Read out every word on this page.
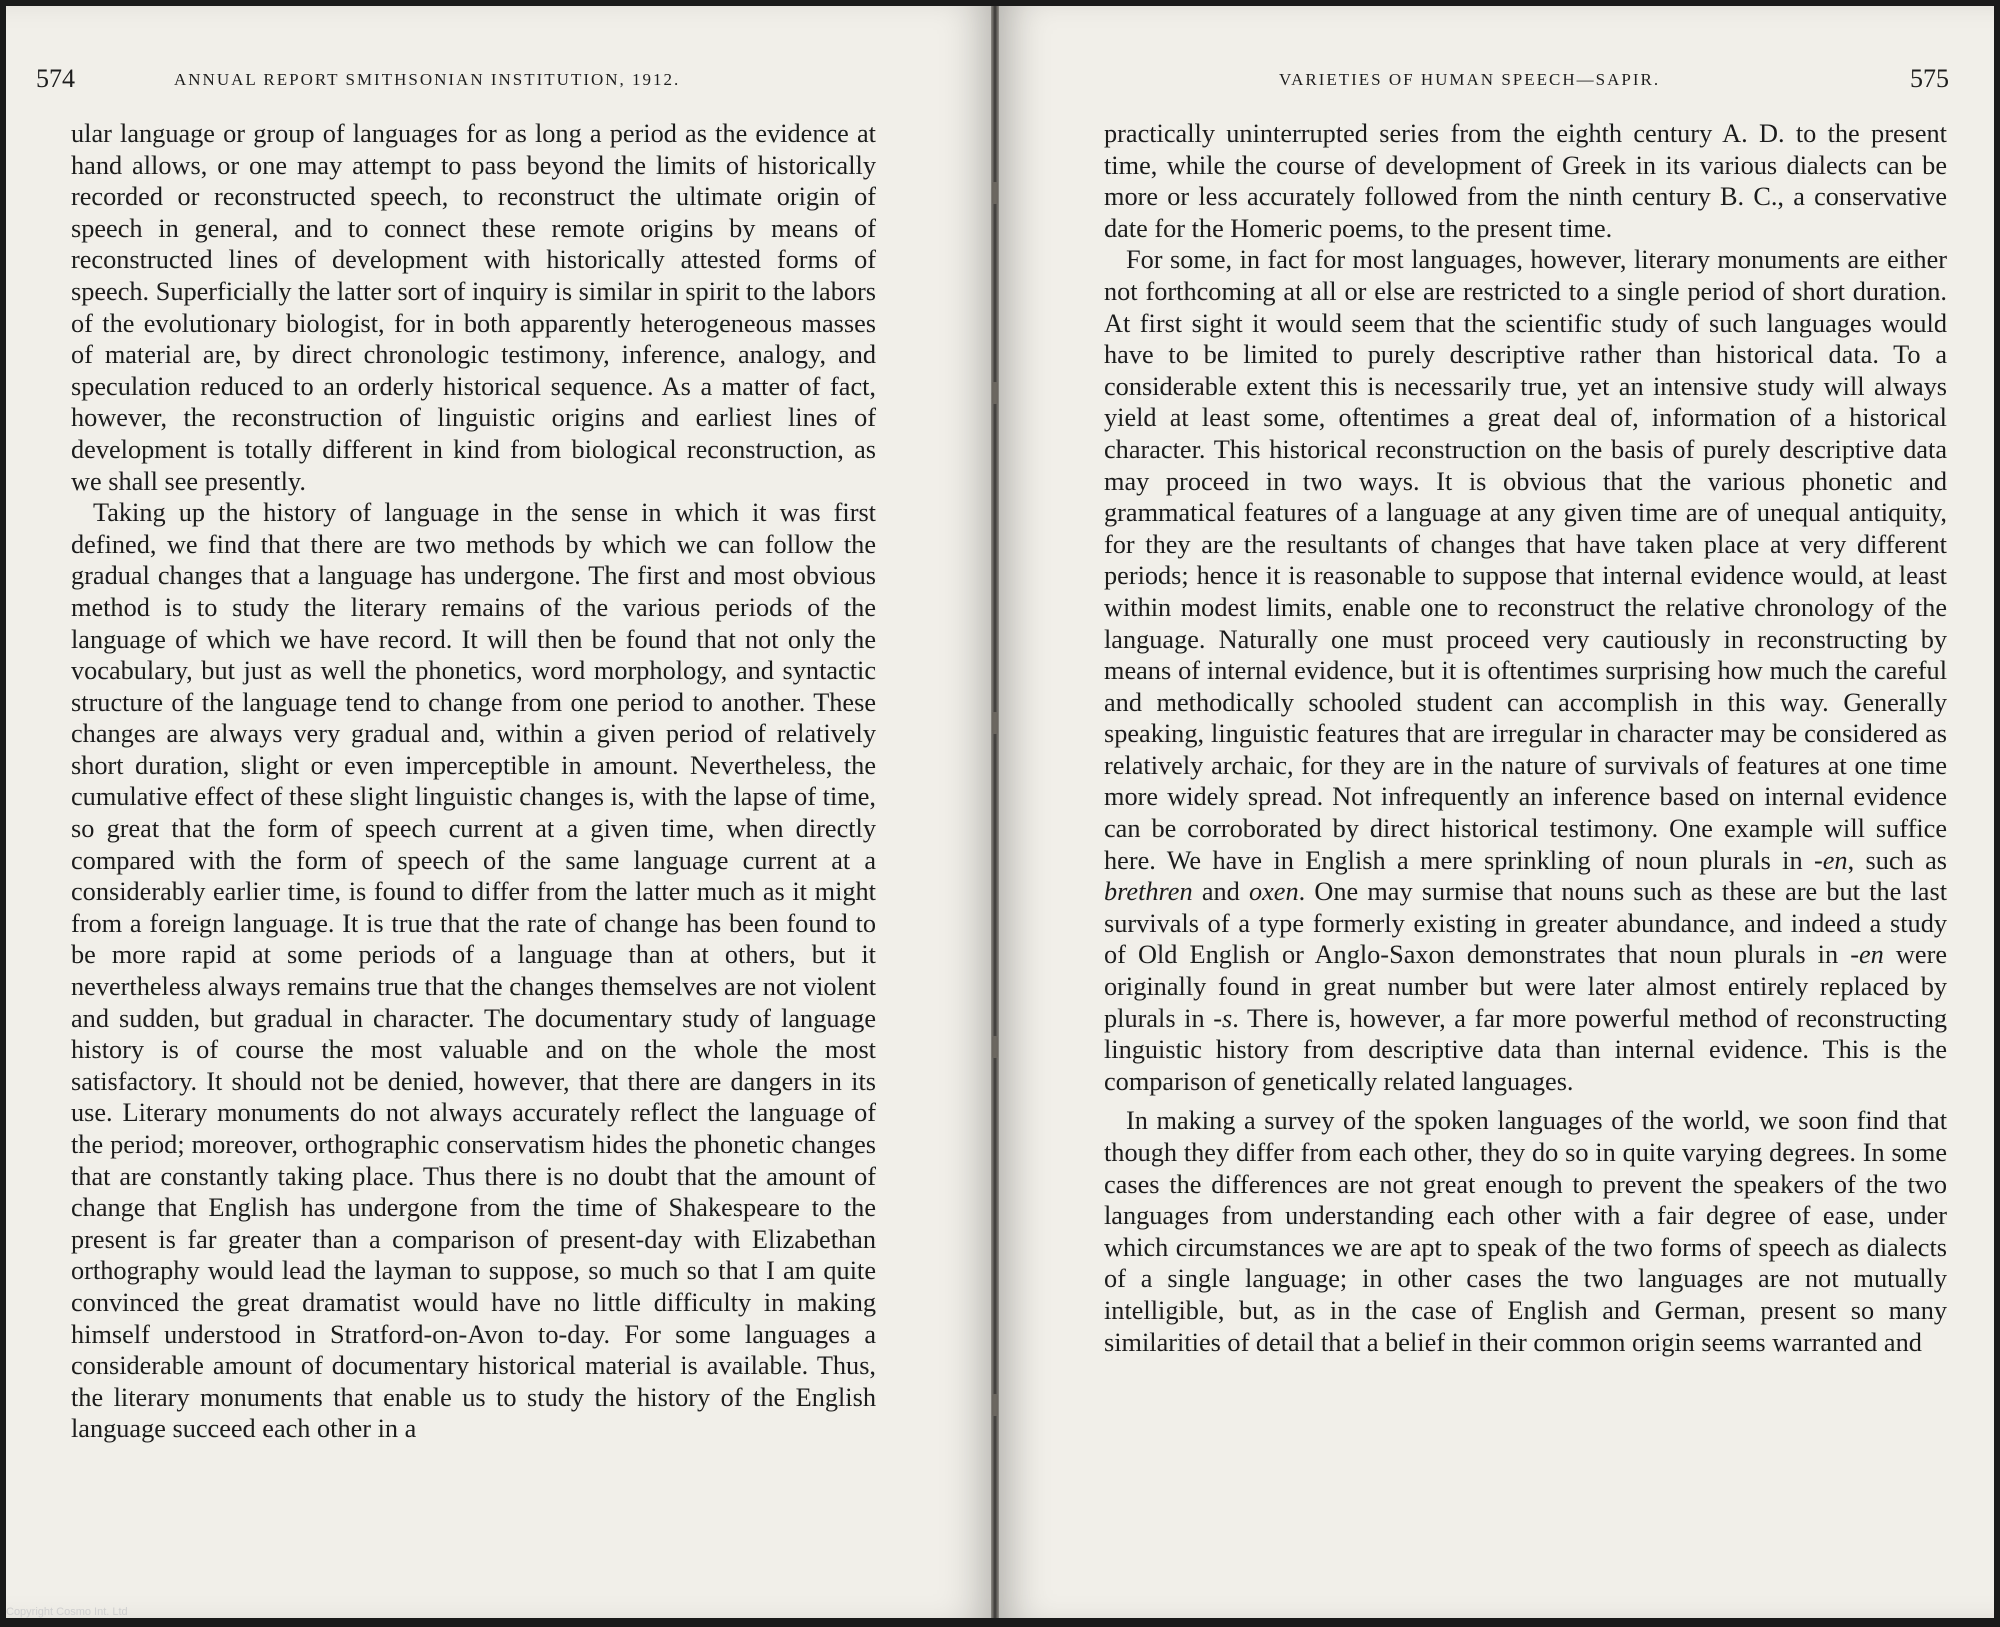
574	ANNUAL REPORT SMITHSONIAN INSTITUTION, 1912.

ular language or group of languages for as long a period as the evidence at hand allows, or one may attempt to pass beyond the limits of historically recorded or reconstructed speech, to reconstruct the ultimate origin of speech in general, and to connect these remote origins by means of reconstructed lines of development with historically attested forms of speech. Superficially the latter sort of inquiry is similar in spirit to the labors of the evolutionary biologist, for in both apparently heterogeneous masses of material are, by direct chronologic testimony, inference, analogy, and speculation reduced to an orderly historical sequence. As a matter of fact, however, the reconstruction of linguistic origins and earliest lines of development is totally different in kind from biological reconstruction, as we shall see presently.

Taking up the history of language in the sense in which it was first defined, we find that there are two methods by which we can follow the gradual changes that a language has undergone. The first and most obvious method is to study the literary remains of the various periods of the language of which we have record. It will then be found that not only the vocabulary, but just as well the phonetics, word morphology, and syntactic structure of the language tend to change from one period to another. These changes are always very gradual and, within a given period of relatively short duration, slight or even imperceptible in amount. Nevertheless, the cumulative effect of these slight linguistic changes is, with the lapse of time, so great that the form of speech current at a given time, when directly compared with the form of speech of the same language current at a considerably earlier time, is found to differ from the latter much as it might from a foreign language. It is true that the rate of change has been found to be more rapid at some periods of a language than at others, but it nevertheless always remains true that the changes themselves are not violent and sudden, but gradual in character. The documentary study of language history is of course the most valuable and on the whole the most satisfactory. It should not be denied, however, that there are dangers in its use. Literary monuments do not always accurately reflect the language of the period; moreover, orthographic conservatism hides the phonetic changes that are constantly taking place. Thus there is no doubt that the amount of change that English has undergone from the time of Shakespeare to the present is far greater than a comparison of present-day with Elizabethan orthography would lead the layman to suppose, so much so that I am quite convinced the great dramatist would have no little difficulty in making himself understood in Stratford-on-Avon to-day. For some languages a considerable amount of documentary historical material is available. Thus, the literary monuments that enable us to study the history of the English language succeed each other in a

VARIETIES OF HUMAN SPEECH—SAPIR.	575

practically uninterrupted series from the eighth century A. D. to the present time, while the course of development of Greek in its various dialects can be more or less accurately followed from the ninth century B. C., a conservative date for the Homeric poems, to the present time.

For some, in fact for most languages, however, literary monuments are either not forthcoming at all or else are restricted to a single period of short duration. At first sight it would seem that the scientific study of such languages would have to be limited to purely descriptive rather than historical data. To a considerable extent this is necessarily true, yet an intensive study will always yield at least some, oftentimes a great deal of, information of a historical character. This historical reconstruction on the basis of purely descriptive data may proceed in two ways. It is obvious that the various phonetic and grammatical features of a language at any given time are of unequal antiquity, for they are the resultants of changes that have taken place at very different periods; hence it is reasonable to suppose that internal evidence would, at least within modest limits, enable one to reconstruct the relative chronology of the language. Naturally one must proceed very cautiously in reconstructing by means of internal evidence, but it is oftentimes surprising how much the careful and methodically schooled student can accomplish in this way. Generally speaking, linguistic features that are irregular in character may be considered as relatively archaic, for they are in the nature of survivals of features at one time more widely spread. Not infrequently an inference based on internal evidence can be corroborated by direct historical testimony. One example will suffice here. We have in English a mere sprinkling of noun plurals in -en, such as brethren and oxen. One may surmise that nouns such as these are but the last survivals of a type formerly existing in greater abundance, and indeed a study of Old English or Anglo-Saxon demonstrates that noun plurals in -en were originally found in great number but were later almost entirely replaced by plurals in -s. There is, however, a far more powerful method of reconstructing linguistic history from descriptive data than internal evidence. This is the comparison of genetically related languages.

In making a survey of the spoken languages of the world, we soon find that though they differ from each other, they do so in quite varying degrees. In some cases the differences are not great enough to prevent the speakers of the two languages from understanding each other with a fair degree of ease, under which circumstances we are apt to speak of the two forms of speech as dialects of a single language; in other cases the two languages are not mutually intelligible, but, as in the case of English and German, present so many similarities of detail that a belief in their common origin seems warranted and

Copyright Cosmo Int. Ltd
